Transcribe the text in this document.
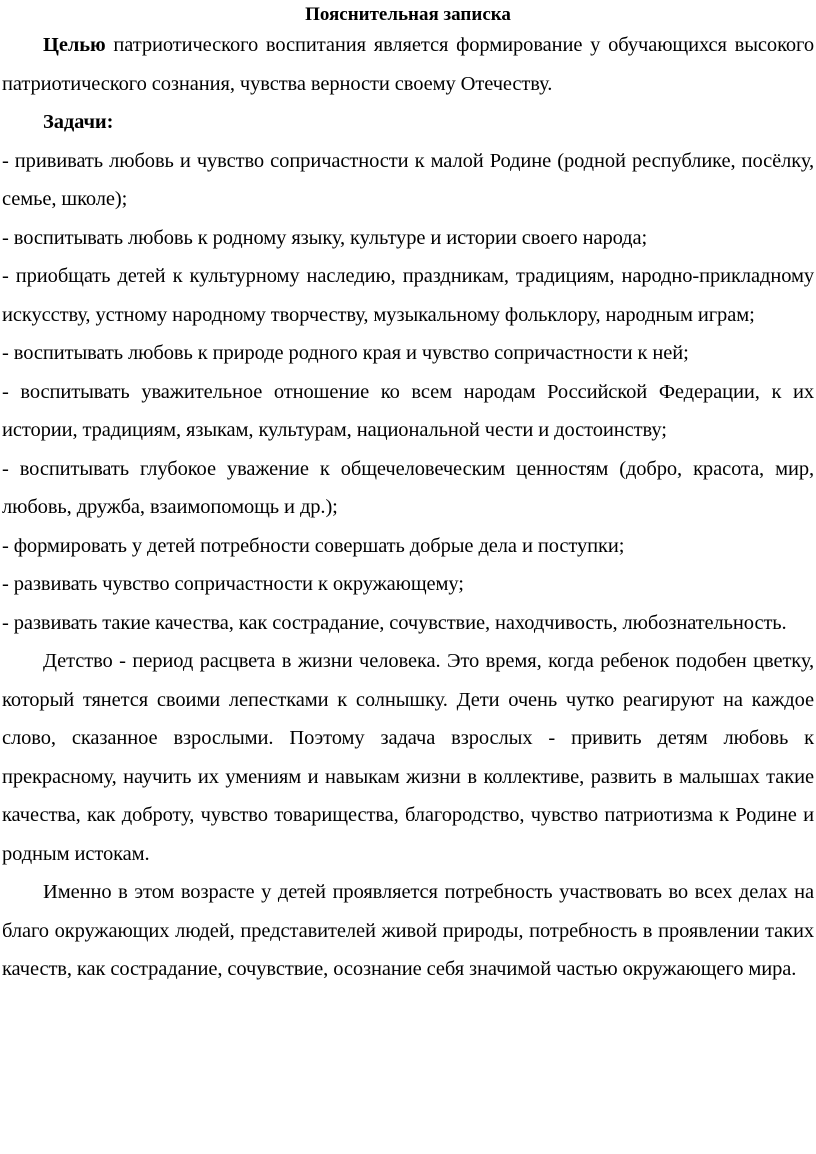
Пояснительная записка

Целью патриотического воспитания является формирование у обучающихся высокого патриотического сознания, чувства верности своему Отечеству.

Задачи:

- прививать любовь и чувство сопричастности к малой Родине (родной республике, посёлку, семье, школе);

- воспитывать любовь к родному языку, культуре и истории своего народа;

- приобщать детей к культурному наследию, праздникам, традициям, народно-прикладному искусству, устному народному творчеству, музыкальному фольклору, народным играм;

- воспитывать любовь к природе родного края и чувство сопричастности к ней;

- воспитывать уважительное отношение ко всем народам Российской Федерации, к их истории, традициям, языкам, культурам, национальной чести и достоинству;

- воспитывать глубокое уважение к общечеловеческим ценностям (добро, красота, мир, любовь, дружба, взаимопомощь и др.);

- формировать у детей потребности совершать добрые дела и поступки;

- развивать чувство сопричастности к окружающему;

- развивать такие качества, как сострадание, сочувствие, находчивость, любознательность.

Детство - период расцвета в жизни человека. Это время, когда ребенок подобен цветку, который тянется своими лепестками к солнышку. Дети очень чутко реагируют на каждое слово, сказанное взрослыми. Поэтому задача взрослых - привить детям любовь к прекрасному, научить их умениям и навыкам жизни в коллективе, развить в малышах такие качества, как доброту, чувство товарищества, благородство, чувство патриотизма к Родине и родным истокам.

Именно в этом возрасте у детей проявляется потребность участвовать во всех делах на благо окружающих людей, представителей живой природы, потребность в проявлении таких качеств, как сострадание, сочувствие, осознание себя значимой частью окружающего мира.
